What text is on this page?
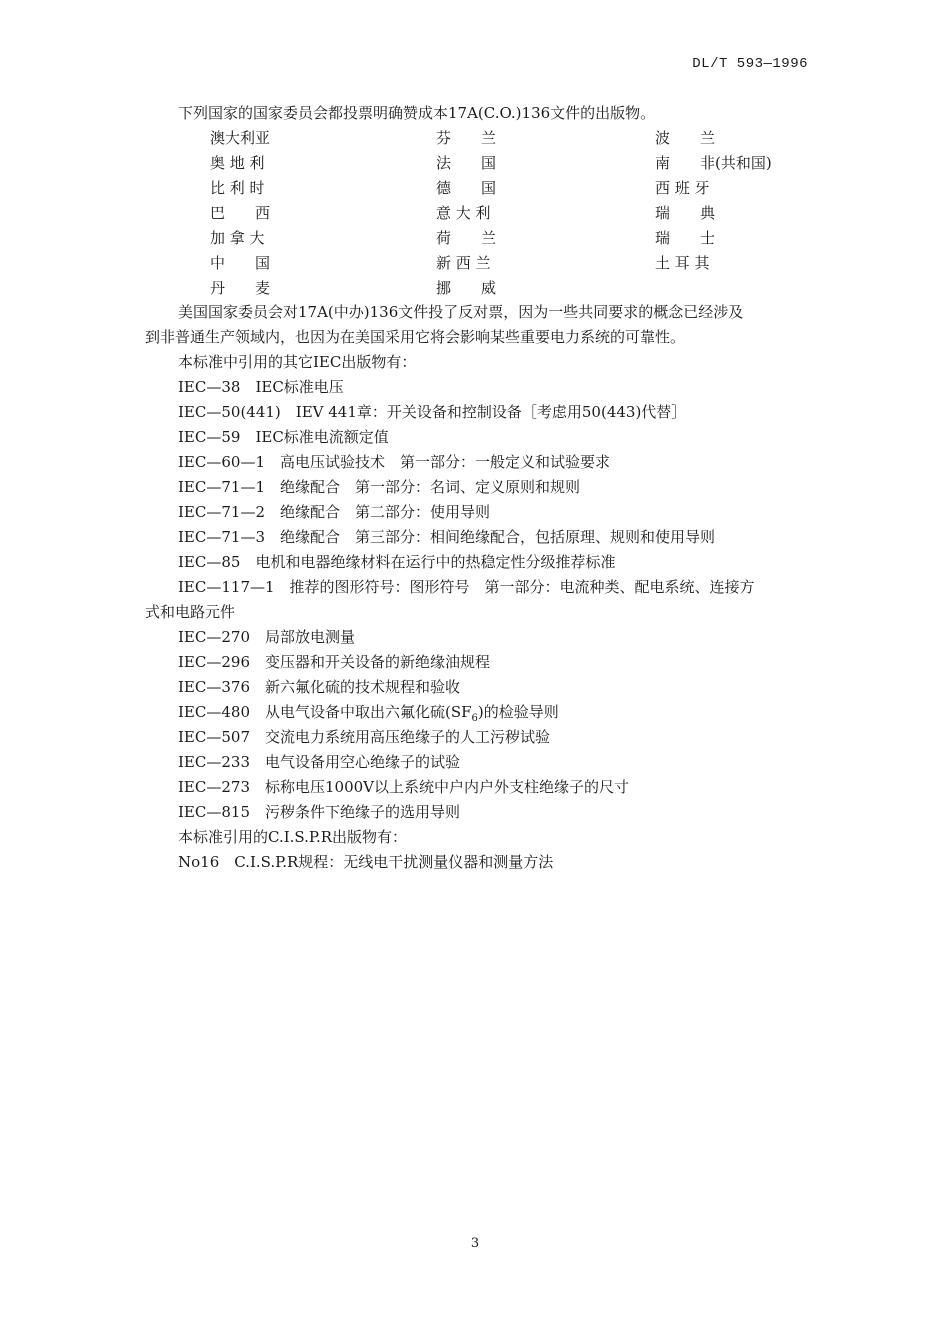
DL/T 593—1996
下列国家的国家委员会都投票明确赞成本17A(C.O.)136文件的出版物。
澳大利亚	芬　　兰	波　　兰
奥 地 利	法　　国	南　　非(共和国)
比 利 时	德　　国	西 班 牙
巴　　西	意 大 利	瑞　　典
加 拿 大	荷　　兰	瑞　　士
中　　国	新 西 兰	土 耳 其
丹　　麦	挪　　威
美国国家委员会对17A(中办)136文件投了反对票，因为一些共同要求的概念已经涉及
到非普通生产领域内，也因为在美国采用它将会影响某些重要电力系统的可靠性。
本标准中引用的其它IEC出版物有：
IEC—38　IEC标准电压
IEC—50(441)　IEV 441章：开关设备和控制设备［考虑用50(443)代替］
IEC—59　IEC标准电流额定值
IEC—60—1　高电压试验技术　第一部分：一般定义和试验要求
IEC—71—1　绝缘配合　第一部分：名词、定义原则和规则
IEC—71—2　绝缘配合　第二部分：使用导则
IEC—71—3　绝缘配合　第三部分：相间绝缘配合，包括原理、规则和使用导则
IEC—85　电机和电器绝缘材料在运行中的热稳定性分级推荐标准
IEC—117—1　推荐的图形符号：图形符号　第一部分：电流种类、配电系统、连接方
式和电路元件
IEC—270　局部放电测量
IEC—296　变压器和开关设备的新绝缘油规程
IEC—376　新六氟化硫的技术规程和验收
IEC—480　从电气设备中取出六氟化硫$(SF_6)$的检验导则
IEC—507　交流电力系统用高压绝缘子的人工污秽试验
IEC—233　电气设备用空心绝缘子的试验
IEC—273　标称电压1000V以上系统中户内户外支柱绝缘子的尺寸
IEC—815　污秽条件下绝缘子的选用导则
本标准引用的C.I.S.P.R出版物有：
No16　C.I.S.P.R规程：无线电干扰测量仪器和测量方法
3
